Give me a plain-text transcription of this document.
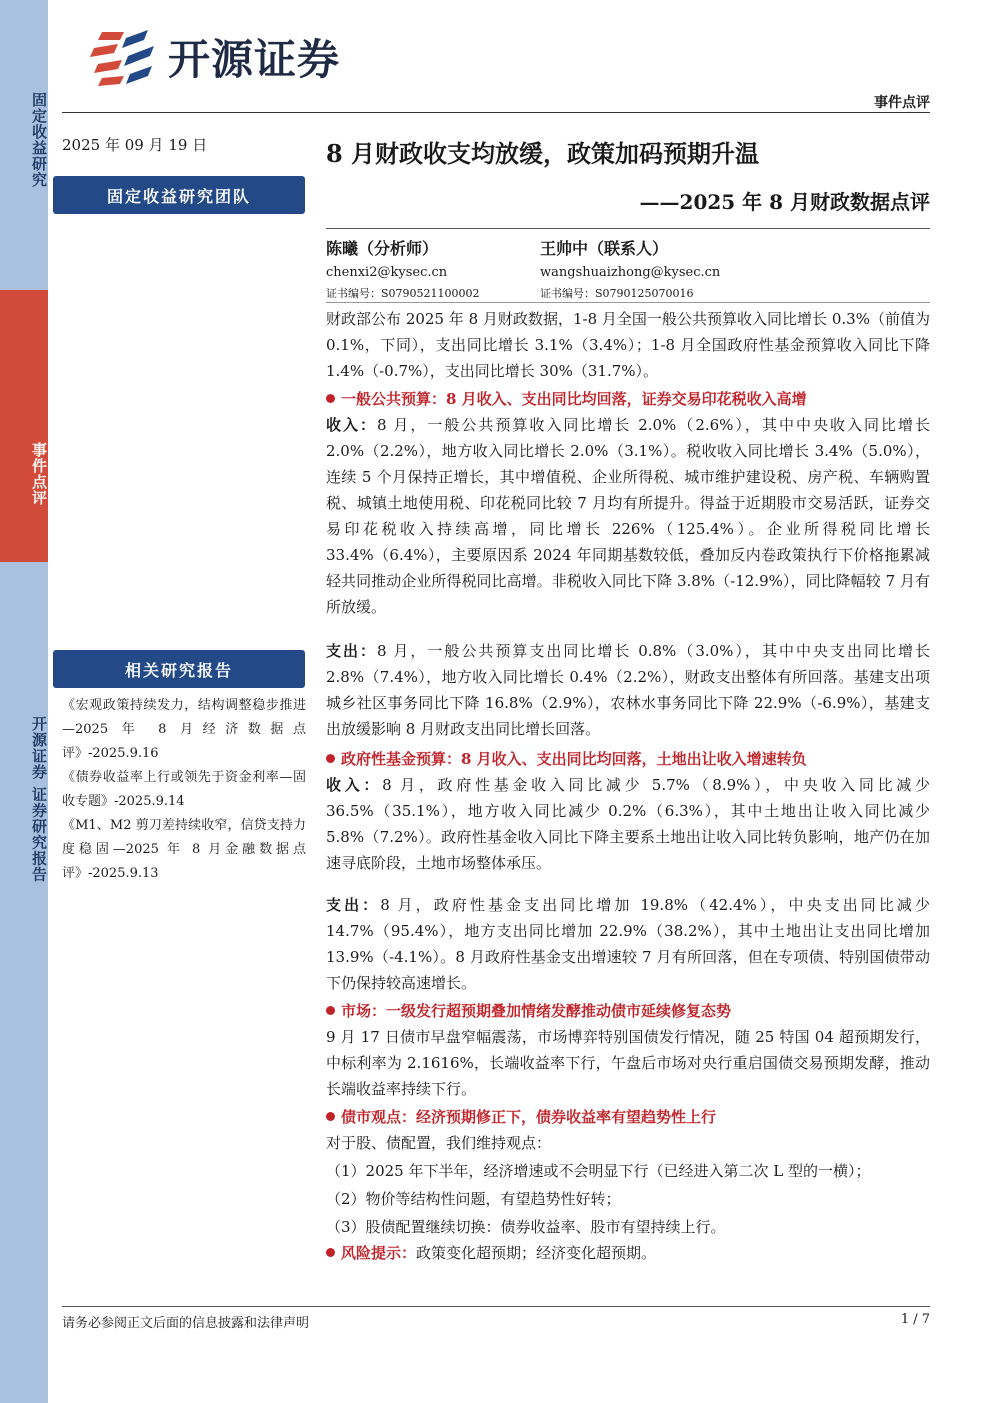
固定收益研究
事件点评
开源证券 证券研究报告
开源证券
事件点评
2025 年 09 月 19 日
固定收益研究团队
8 月财政收支均放缓，政策加码预期升温
——2025 年 8 月财政数据点评
陈曦（分析师）
chenxi2@kysec.cn
证书编号：S0790521100002
王帅中（联系人）
wangshuaizhong@kysec.cn
证书编号：S0790125070016
财政部公布 2025 年 8 月财政数据，1-8 月全国一般公共预算收入同比增长 0.3%（前值为 0.1%，下同），支出同比增长 3.1%（3.4%）；1-8 月全国政府性基金预算收入同比下降 1.4%（-0.7%），支出同比增长 30%（31.7%）。
一般公共预算：8 月收入、支出同比均回落，证券交易印花税收入高增
收入：8 月，一般公共预算收入同比增长 2.0%（2.6%），其中中央收入同比增长 2.0%（2.2%），地方收入同比增长 2.0%（3.1%）。税收收入同比增长 3.4%（5.0%），连续 5 个月保持正增长，其中增值税、企业所得税、城市维护建设税、房产税、车辆购置税、城镇土地使用税、印花税同比较 7 月均有所提升。得益于近期股市交易活跃，证券交易印花税收入持续高增，同比增长 226%（125.4%）。企业所得税同比增长 33.4%（6.4%），主要原因系 2024 年同期基数较低，叠加反内卷政策执行下价格拖累减轻共同推动企业所得税同比高增。非税收入同比下降 3.8%（-12.9%），同比降幅较 7 月有所放缓。
支出：8 月，一般公共预算支出同比增长 0.8%（3.0%），其中中央支出同比增长 2.8%（7.4%），地方收入同比增长 0.4%（2.2%），财政支出整体有所回落。基建支出项城乡社区事务同比下降 16.8%（2.9%），农林水事务同比下降 22.9%（-6.9%），基建支出放缓影响 8 月财政支出同比增长回落。
政府性基金预算：8 月收入、支出同比均回落，土地出让收入增速转负
收入：8 月，政府性基金收入同比减少 5.7%（8.9%），中央收入同比减少 36.5%（35.1%），地方收入同比减少 0.2%（6.3%），其中土地出让收入同比减少 5.8%（7.2%）。政府性基金收入同比下降主要系土地出让收入同比转负影响，地产仍在加速寻底阶段，土地市场整体承压。
支出：8 月，政府性基金支出同比增加 19.8%（42.4%），中央支出同比减少 14.7%（95.4%），地方支出同比增加 22.9%（38.2%），其中土地出让支出同比增加 13.9%（-4.1%）。8 月政府性基金支出增速较 7 月有所回落，但在专项债、特别国债带动下仍保持较高速增长。
市场：一级发行超预期叠加情绪发酵推动债市延续修复态势
9 月 17 日债市早盘窄幅震荡，市场博弈特别国债发行情况，随 25 特国 04 超预期发行，中标利率为 2.1616%，长端收益率下行，午盘后市场对央行重启国债交易预期发酵，推动长端收益率持续下行。
债市观点：经济预期修正下，债券收益率有望趋势性上行
对于股、债配置，我们维持观点：
（1）2025 年下半年，经济增速或不会明显下行（已经进入第二次 L 型的一横）；
（2）物价等结构性问题，有望趋势性好转；
（3）股债配置继续切换：债券收益率、股市有望持续上行。
风险提示：政策变化超预期；经济变化超预期。
相关研究报告
《宏观政策持续发力，结构调整稳步推进—2025 年 8 月经济数据点评》-2025.9.16
《债券收益率上行或领先于资金利率—固收专题》-2025.9.14
《M1、M2 剪刀差持续收窄，信贷支持力度稳固—2025 年 8 月金融数据点评》-2025.9.13
请务必参阅正文后面的信息披露和法律声明	1 / 7
